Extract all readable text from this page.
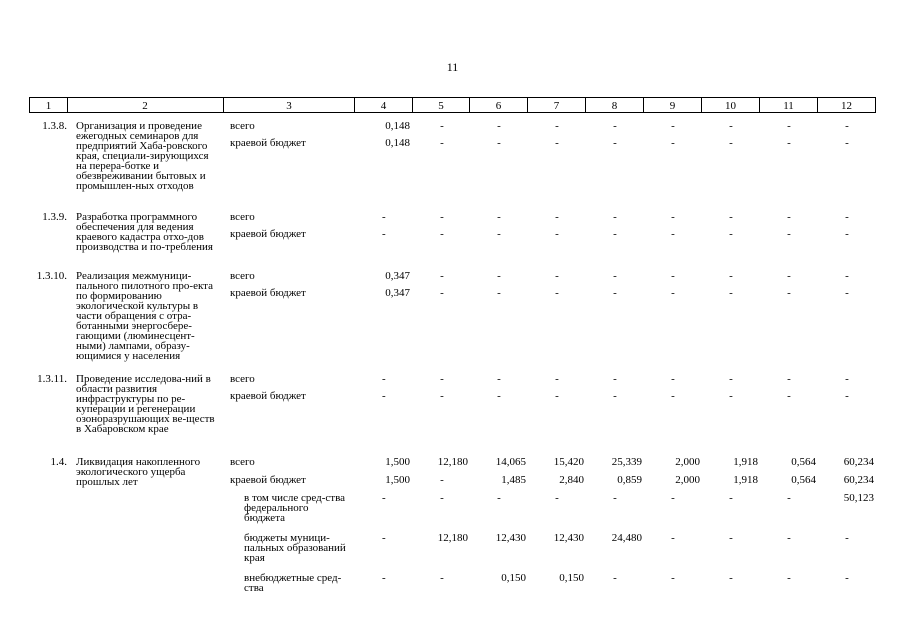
11
1	2	3	4	5	6	7	8	9	10	11	12
1.3.8. Организация и проведение ежегодных семинаров для предприятий Хаба-ровского края, специали-зирующихся на перера-ботке и обезвреживании бытовых и промышлен-ных отходов
всего	0,148	-	-	-	-	-	-	-	-
краевой бюджет	0,148	-	-	-	-	-	-	-	-
1.3.9. Разработка программного обеспечения для ведения краевого кадастра отхо-дов производства и по-требления
всего	-	-	-	-	-	-	-	-	-
краевой бюджет	-	-	-	-	-	-	-	-	-
1.3.10. Реализация межмуници-пального пилотного про-екта по формированию экологической культуры в части обращения с отра-ботанными энергосбере-гающими (люминесцент-ными) лампами, образу-ющимися у населения
всего	0,347	-	-	-	-	-	-	-	-
краевой бюджет	0,347	-	-	-	-	-	-	-	-
1.3.11. Проведение исследова-ний в области развития инфраструктуры по ре-куперации и регенерации озоноразрушающих ве-ществ в Хабаровском крае
всего	-	-	-	-	-	-	-	-	-
краевой бюджет	-	-	-	-	-	-	-	-	-
1.4. Ликвидация накопленного экологического ущерба прошлых лет
всего	1,500	12,180	14,065	15,420	25,339	2,000	1,918	0,564	60,234
краевой бюджет	1,500	-	1,485	2,840	0,859	2,000	1,918	0,564	60,234
в том числе сред-ства федерального бюджета
-	-	-	-	-	-	-	-	50,123
бюджеты муници-пальных образований края
-	12,180	12,430	12,430	24,480	-	-	-	-
внебюджетные сред-ства
-	-	0,150	0,150	-	-	-	-	-
